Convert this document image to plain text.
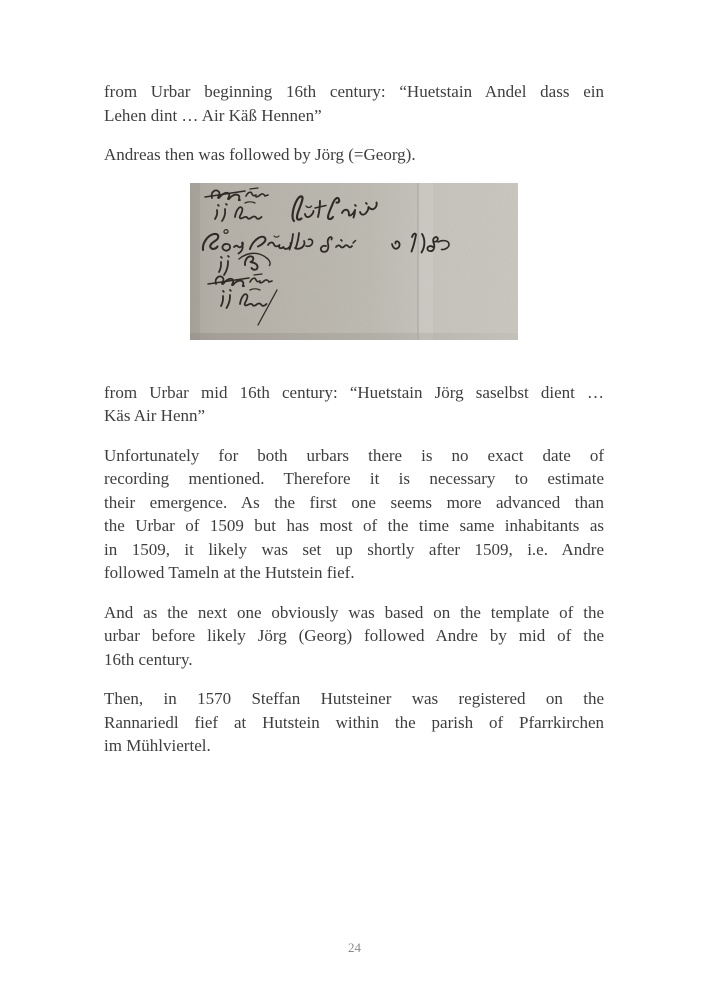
from Urbar beginning 16th century: “Huetstain Andel dass ein
Lehen dint … Air Käß Hennen”
Andreas then was followed by Jörg (=Georg).
from Urbar mid 16th century: “Huetstain Jörg saselbst dient …
Käs Air Henn”
Unfortunately for both urbars there is no exact date of
recording mentioned. Therefore it is necessary to estimate
their emergence. As the first one seems more advanced than
the Urbar of 1509 but has most of the time same inhabitants as
in 1509, it likely was set up shortly after 1509, i.e. Andre
followed Tameln at the Hutstein fief.
And as the next one obviously was based on the template of the
urbar before likely Jörg (Georg) followed Andre by mid of the
16th century.
Then, in 1570 Steffan Hutsteiner was registered on the
Rannariedl fief at Hutstein within the parish of Pfarrkirchen
im Mühlviertel.
24
